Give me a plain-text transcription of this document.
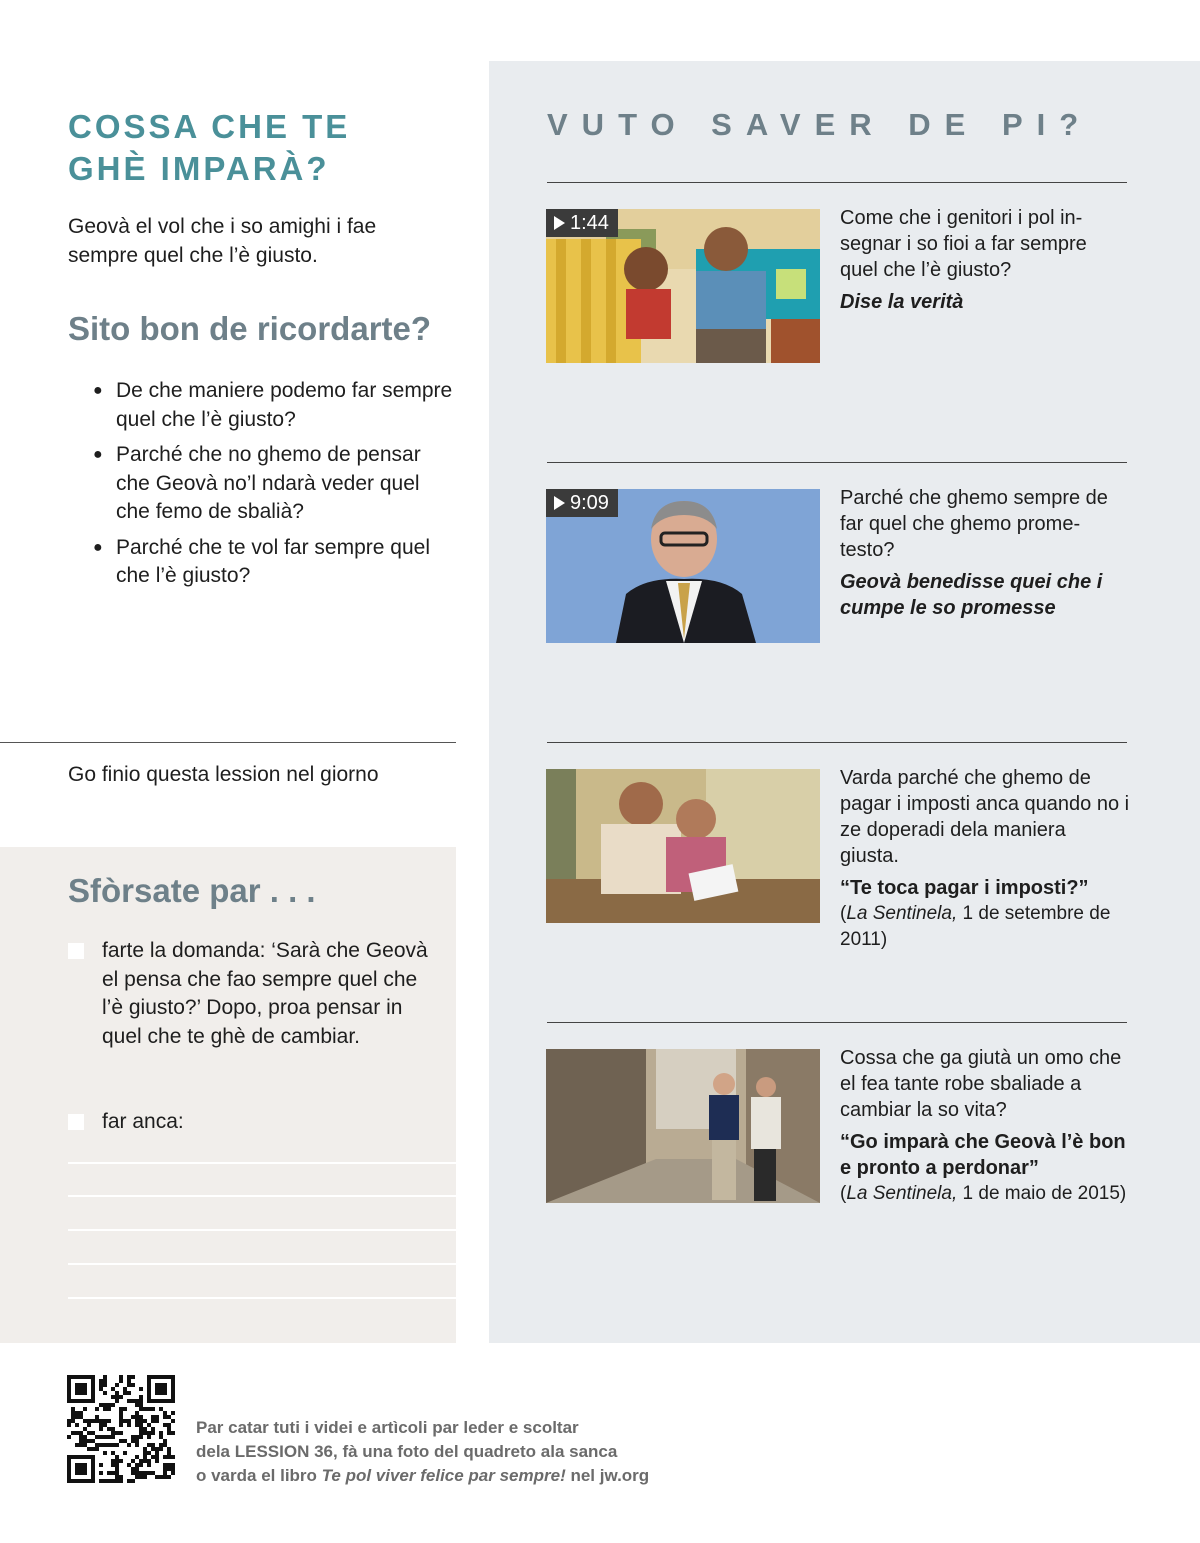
COSSA CHE TE
GHÈ IMPARÀ?

Geovà el vol che i so amighi i fae sempre quel che l’è giusto.

Sito bon de ricordarte?
● De che maniere podemo far sempre quel che l’è giusto?
● Parché che no ghemo de pensar che Geovà no’l ndarà veder quel che femo de sbalià?
● Parché che te vol far sempre quel che l’è giusto?

Go finio questa lession nel giorno

Sfòrsate par . . .
farte la domanda: ‘Sarà che Geovà el pensa che fao sempre quel che l’è giusto?’ Dopo, proa pensar in quel che te ghè de cambiar.
far anca:
VUTO SAVER DE PI?
1:44	Come che i genitori i pol in-segnar i so fioi a far sempre quel che l’è giusto?

Dise la verità

9:09	Parché che ghemo sempre de far quel che ghemo prome-testo?

Geovà benedisse quei che i cumpe le so promesse

Varda parché che ghemo de pagar i imposti anca quando no i ze doperadi dela maniera giusta.

“Te toca pagar i imposti?”

(La Sentinela, 1 de setembre de 2011)

Cossa che ga giutà un omo che el fea tante robe sbaliade a cambiar la so vita?

“Go imparà che Geovà l’è bon e pronto a perdonar”

(La Sentinela, 1 de maio de 2015)

Par catar tuti i videi e artìcoli par leder e scoltar
dela LESSION 36, fà una foto del quadreto ala sanca
o varda el libro Te pol viver felice par sempre! nel jw.org
